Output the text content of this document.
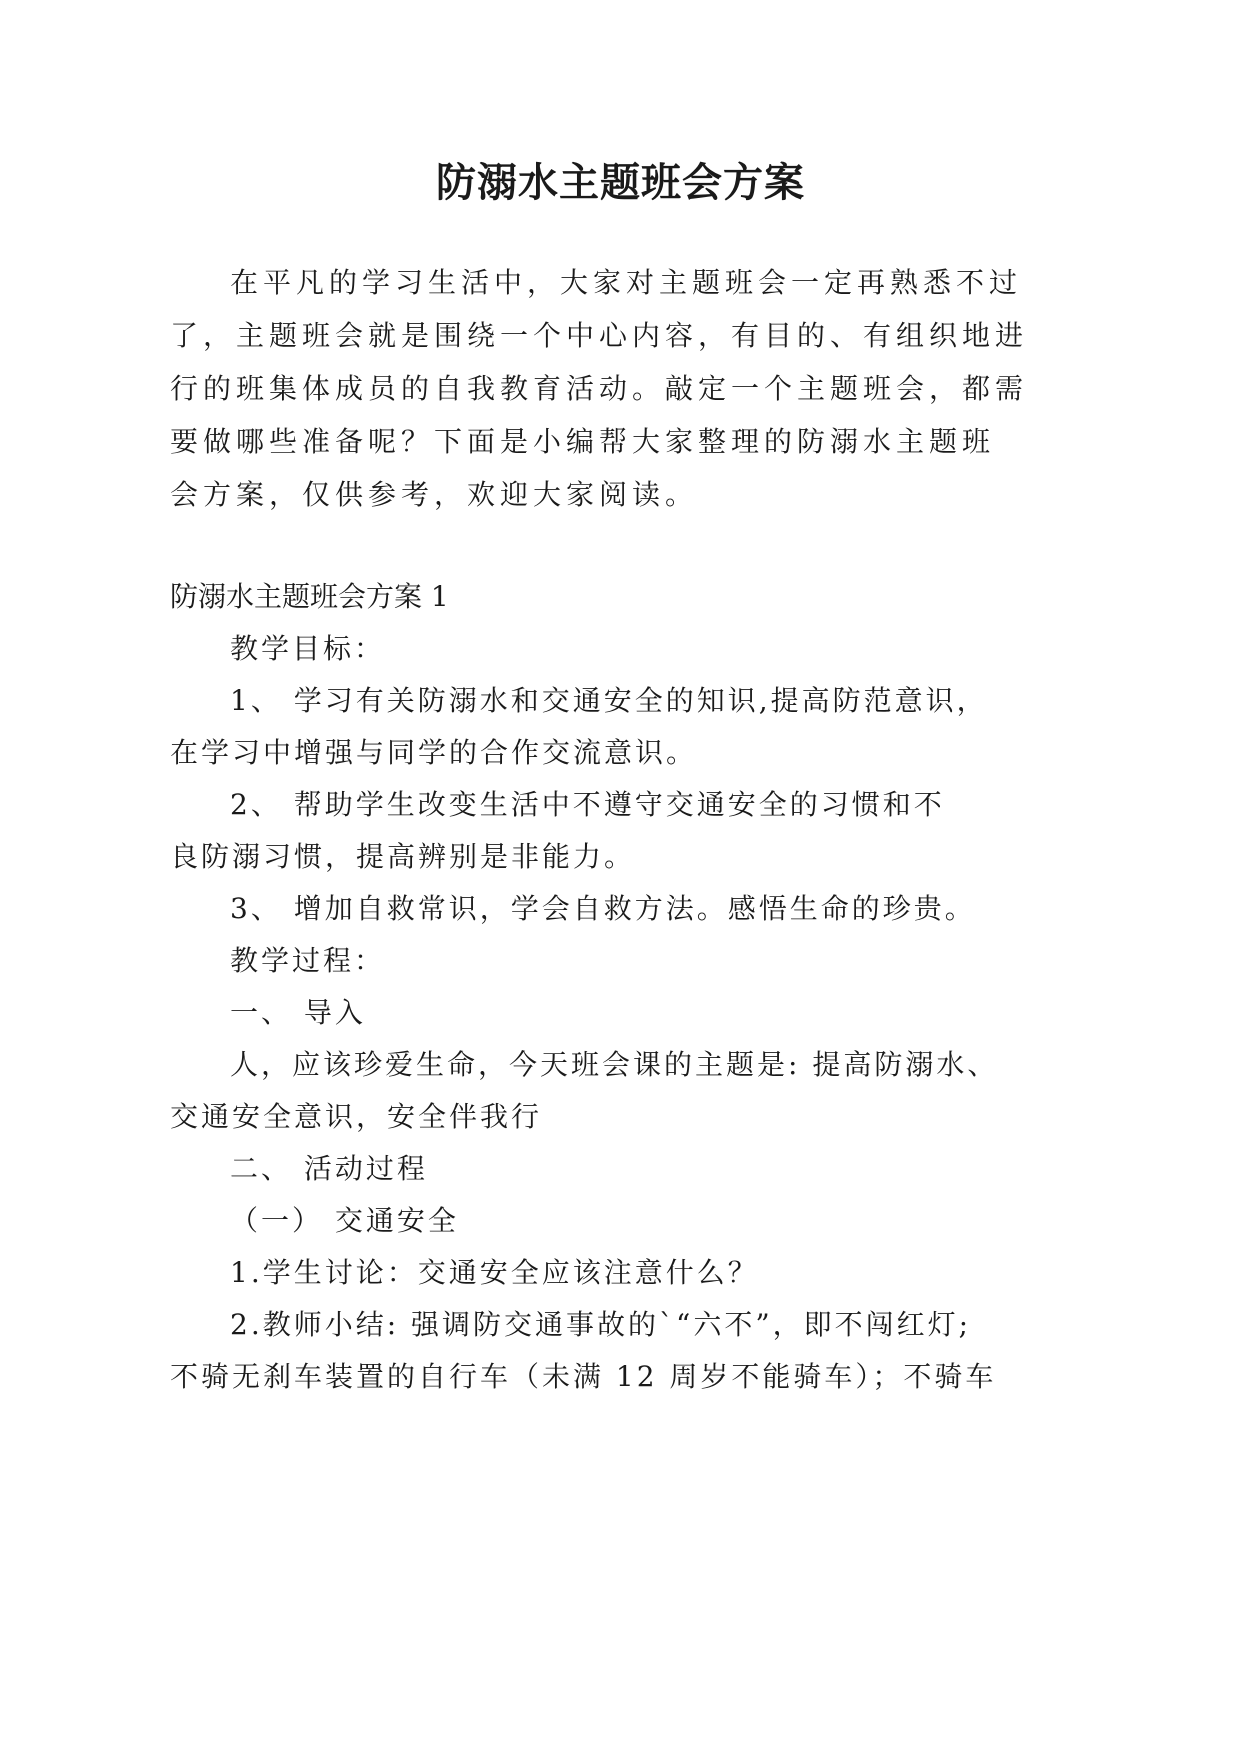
防溺水主题班会方案

在平凡的学习生活中，大家对主题班会一定再熟悉不过

了，主题班会就是围绕一个中心内容，有目的、有组织地进

行的班集体成员的自我教育活动。敲定一个主题班会，都需

要做哪些准备呢？下面是小编帮大家整理的防溺水主题班

会方案，仅供参考，欢迎大家阅读。

防溺水主题班会方案 1

教学目标：

1、 学习有关防溺水和交通安全的知识,提高防范意识，

在学习中增强与同学的合作交流意识。

2、 帮助学生改变生活中不遵守交通安全的习惯和不

良防溺习惯，提高辨别是非能力。

3、 增加自救常识，学会自救方法。感悟生命的珍贵。

教学过程：

一、 导入

人，应该珍爱生命，今天班会课的主题是: 提高防溺水、

交通安全意识，安全伴我行

二、 活动过程

（一） 交通安全

1.学生讨论：交通安全应该注意什么？

2.教师小结: 强调防交通事故的`“六不”，即不闯红灯;

不骑无刹车装置的自行车（未满 12 周岁不能骑车）；不骑车
